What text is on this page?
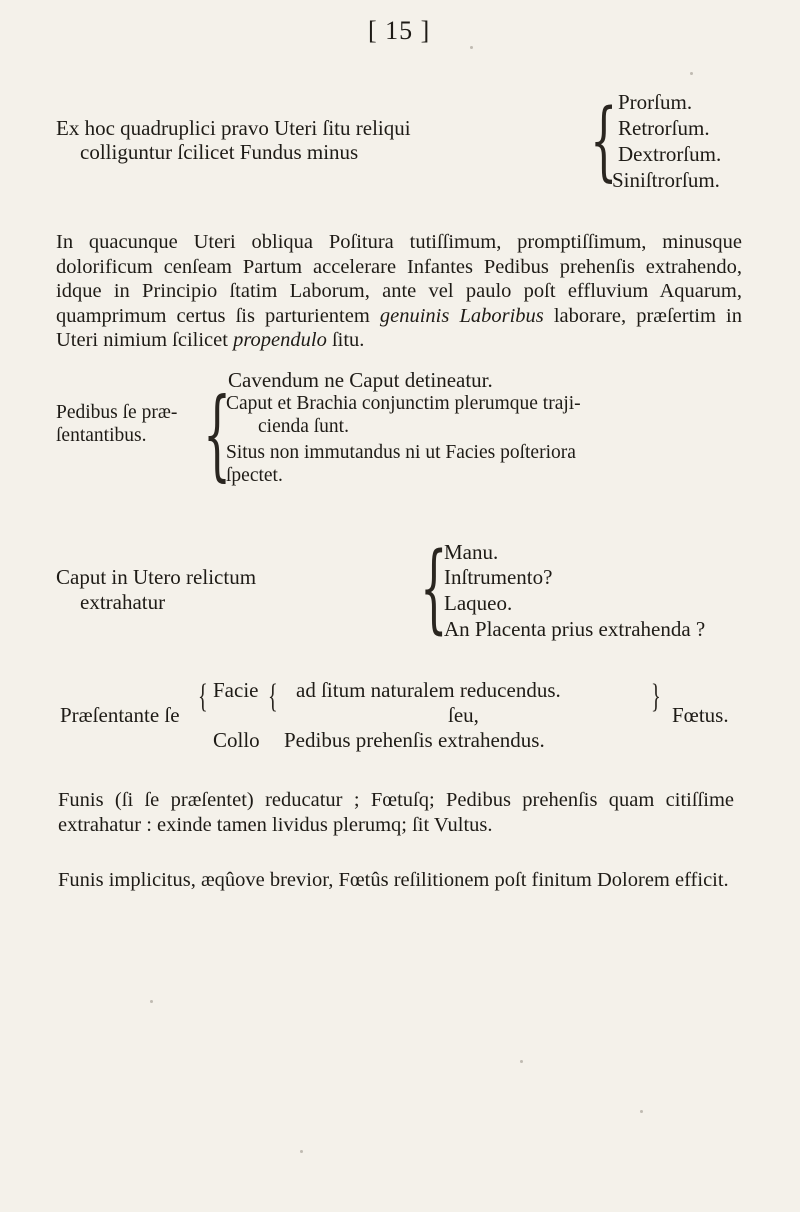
[ 15 ]
Ex hoc quadruplici pravo Uteri ſitu reliqui
colliguntur ſcilicet Fundus minus	{ Prorſum.
Retrorſum.
Dextrorſum.
Siniſtrorſum.
In quacunque Uteri obliqua Poſitura tutiſſimum, promptiſſimum, minusque dolorificum cenſeam Partum accelerare Infantes Pedibus prehenſis extrahendo, idque in Principio ſtatim Laborum, ante vel paulo poſt effluvium Aquarum, quamprimum certus ſis parturientem genuinis Laboribus laborare, præſertim in Uteri nimium ſcilicet propendulo ſitu.
Cavendum ne Caput detineatur.
Pedibus ſe præ-
ſentantibus. {
Caput et Brachia conjunctim plerumque traji-
cienda ſunt.
Situs non immutandus ni ut Facies poſteriora
ſpectet.
Caput in Utero relictum
extrahatur	{
Manu.
Inſtrumento?
Laqueo.
An Placenta prius extrahenda ?
Præſentante ſe { Facie
Collo
{ ad ſitum naturalem reducendus.
ſeu,
Pedibus prehenſis extrahendus.
} Fœtus.
Funis (ſi ſe præſentet) reducatur ; Fœtuſq; Pedibus prehenſis quam citiſſime extrahatur : exinde tamen lividus plerumq; ſit Vultus.
Funis implicitus, æqûove brevior, Fœtûs reſilitionem poſt finitum Dolorem efficit.
